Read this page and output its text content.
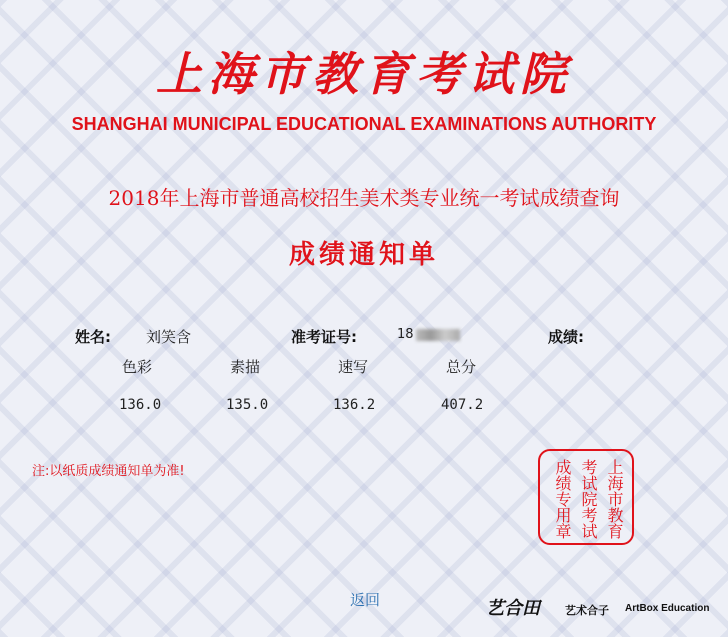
上海市教育考试院
SHANGHAI MUNICIPAL EDUCATIONAL EXAMINATIONS AUTHORITY
2018年上海市普通高校招生美术类专业统一考试成绩查询
成绩通知单
姓名: 刘笑含	准考证号:	18	成绩:
色彩	素描	速写	总分
136.0	135.0	136.2	407.2
注:以纸质成绩通知单为准!	上海市教育
考试院考试
成绩专用章
返回	艺合田 艺术合子 ArtBox Education
